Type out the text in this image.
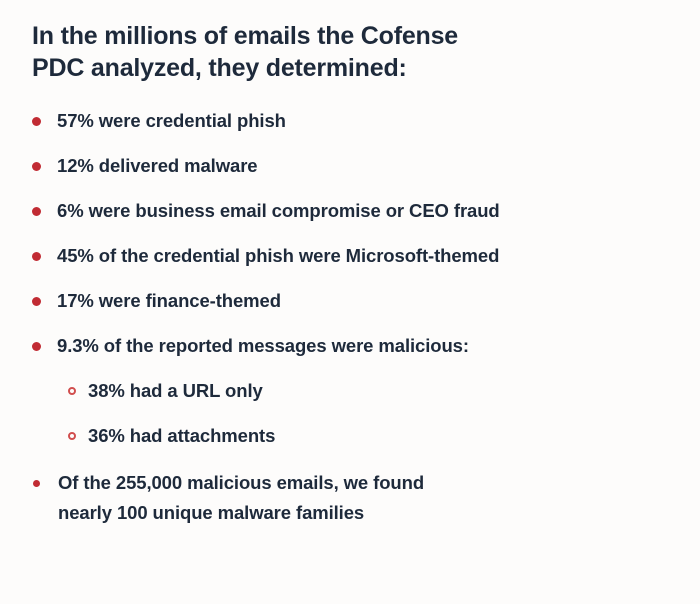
In the millions of emails the Cofense
PDC analyzed, they determined:
57% were credential phish
12% delivered malware
6% were business email compromise or CEO fraud
45% of the credential phish were Microsoft-themed
17% were finance-themed
9.3% of the reported messages were malicious:
38% had a URL only
36% had attachments
Of the 255,000 malicious emails, we found
nearly 100 unique malware families
